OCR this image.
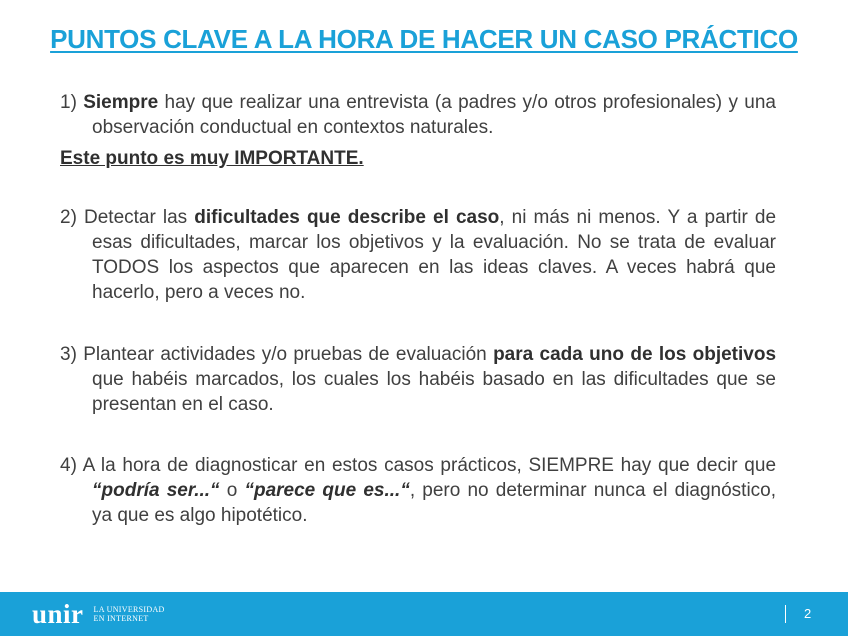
PUNTOS CLAVE A LA HORA DE HACER UN CASO PRÁCTICO
1) Siempre hay que realizar una entrevista (a padres y/o otros profesionales) y una observación conductual en contextos naturales.
Este punto es muy IMPORTANTE.
2) Detectar las dificultades que describe el caso, ni más ni menos. Y a partir de esas dificultades, marcar los objetivos y la evaluación. No se trata de evaluar TODOS los aspectos que aparecen en las ideas claves. A veces habrá que hacerlo, pero a veces no.
3) Plantear actividades y/o pruebas de evaluación para cada uno de los objetivos que habéis marcados, los cuales los habéis basado en las dificultades que se presentan en el caso.
4) A la hora de diagnosticar en estos casos prácticos, SIEMPRE hay que decir que “podría ser...“ o “parece que es...“, pero no determinar nunca el diagnóstico, ya que es algo hipotético.
unir LA UNIVERSIDAD
EN INTERNET	2
